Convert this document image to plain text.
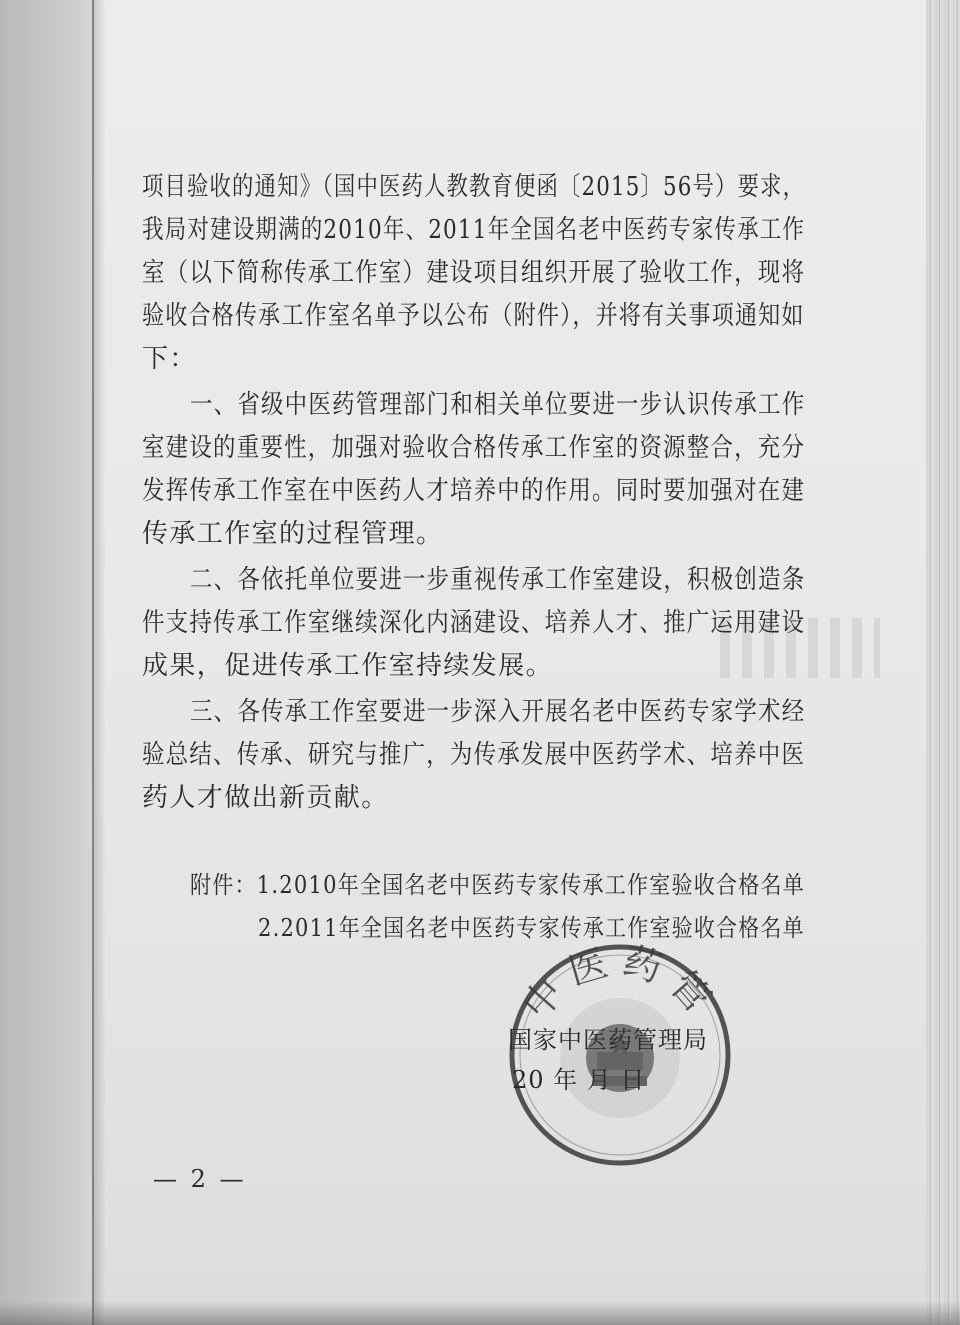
项目验收的通知》（国中医药人教教育便函〔2015〕56号）要求，
我局对建设期满的2010年、2011年全国名老中医药专家传承工作
室（以下简称传承工作室）建设项目组织开展了验收工作，现将
验收合格传承工作室名单予以公布（附件），并将有关事项通知如
下：
一、省级中医药管理部门和相关单位要进一步认识传承工作
室建设的重要性，加强对验收合格传承工作室的资源整合，充分
发挥传承工作室在中医药人才培养中的作用。同时要加强对在建
传承工作室的过程管理。
二、各依托单位要进一步重视传承工作室建设，积极创造条
件支持传承工作室继续深化内涵建设、培养人才、推广运用建设
成果，促进传承工作室持续发展。
三、各传承工作室要进一步深入开展名老中医药专家学术经
验总结、传承、研究与推广，为传承发展中医药学术、培养中医
药人才做出新贡献。
附件：1.2010年全国名老中医药专家传承工作室验收合格名单
2.2011年全国名老中医药专家传承工作室验收合格名单
中医药管
国家中医药管理局
20 年 月 日
— 2 —
